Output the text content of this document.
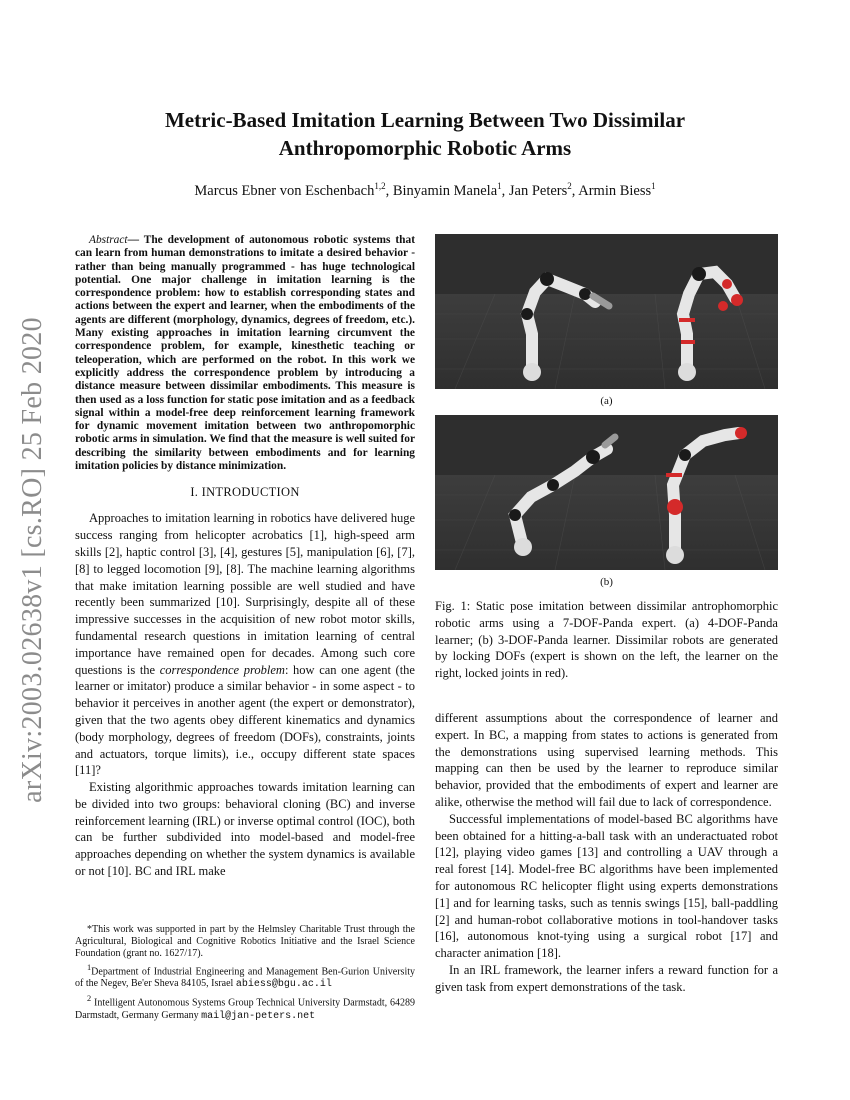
arXiv:2003.02638v1 [cs.RO] 25 Feb 2020
Metric-Based Imitation Learning Between Two Dissimilar
Anthropomorphic Robotic Arms
Marcus Ebner von Eschenbach$^{1,2}$, Binyamin Manela$^1$, Jan Peters$^2$, Armin Biess$^1$

Abstract— The development of autonomous robotic systems that can learn from human demonstrations to imitate a desired behavior - rather than being manually programmed - has huge technological potential. One major challenge in imitation learning is the correspondence problem: how to establish corresponding states and actions between the expert and learner, when the embodiments of the agents are different (morphology, dynamics, degrees of freedom, etc.). Many existing approaches in imitation learning circumvent the correspondence problem, for example, kinesthetic teaching or teleoperation, which are performed on the robot. In this work we explicitly address the correspondence problem by introducing a distance measure between dissimilar embodiments. This measure is then used as a loss function for static pose imitation and as a feedback signal within a model-free deep reinforcement learning framework for dynamic movement imitation between two anthropomorphic robotic arms in simulation. We find that the measure is well suited for describing the similarity between embodiments and for learning imitation policies by distance minimization.

I. INTRODUCTION

Approaches to imitation learning in robotics have delivered huge success ranging from helicopter acrobatics [1], high-speed arm skills [2], haptic control [3], [4], gestures [5], manipulation [6], [7], [8] to legged locomotion [9], [8]. The machine learning algorithms that make imitation learning possible are well studied and have recently been summarized [10]. Surprisingly, despite all of these impressive successes in the acquisition of new robot motor skills, fundamental research questions in imitation learning of central importance have remained open for decades. Among such core questions is the correspondence problem: how can one agent (the learner or imitator) produce a similar behavior - in some aspect - to behavior it perceives in another agent (the expert or demonstrator), given that the two agents obey different kinematics and dynamics (body morphology, degrees of freedom (DOFs), constraints, joints and actuators, torque limits), i.e., occupy different state spaces [11]?

Existing algorithmic approaches towards imitation learning can be divided into two groups: behavioral cloning (BC) and inverse reinforcement learning (IRL) or inverse optimal control (IOC), both can be further subdivided into model-based and model-free approaches depending on whether the system dynamics is available or not [10]. BC and IRL make

*This work was supported in part by the Helmsley Charitable Trust through the Agricultural, Biological and Cognitive Robotics Initiative and the Israel Science Foundation (grant no. 1627/17).

$^1$Department of Industrial Engineering and Management Ben-Gurion University of the Negev, Be'er Sheva 84105, Israel abiess@bgu.ac.il

$^2$ Intelligent Autonomous Systems Group Technical University Darmstadt, 64289 Darmstadt, Germany Germany mail@jan-peters.net

(a)
(b)

Fig. 1: Static pose imitation between dissimilar antrophomorphic robotic arms using a 7-DOF-Panda expert. (a) 4-DOF-Panda learner; (b) 3-DOF-Panda learner. Dissimilar robots are generated by locking DOFs (expert is shown on the left, the learner on the right, locked joints in red).

different assumptions about the correspondence of learner and expert. In BC, a mapping from states to actions is generated from the demonstrations using supervised learning methods. This mapping can then be used by the learner to reproduce similar behavior, provided that the embodiments of expert and learner are alike, otherwise the method will fail due to lack of correspondence.

Successful implementations of model-based BC algorithms have been obtained for a hitting-a-ball task with an underactuated robot [12], playing video games [13] and controlling a UAV through a real forest [14]. Model-free BC algorithms have been implemented for autonomous RC helicopter flight using experts demonstrations [1] and for learning tasks, such as tennis swings [15], ball-paddling [2] and human-robot collaborative motions in tool-handover tasks [16], autonomous knot-tying using a surgical robot [17] and character animation [18].

In an IRL framework, the learner infers a reward function for a given task from expert demonstrations of the task.
